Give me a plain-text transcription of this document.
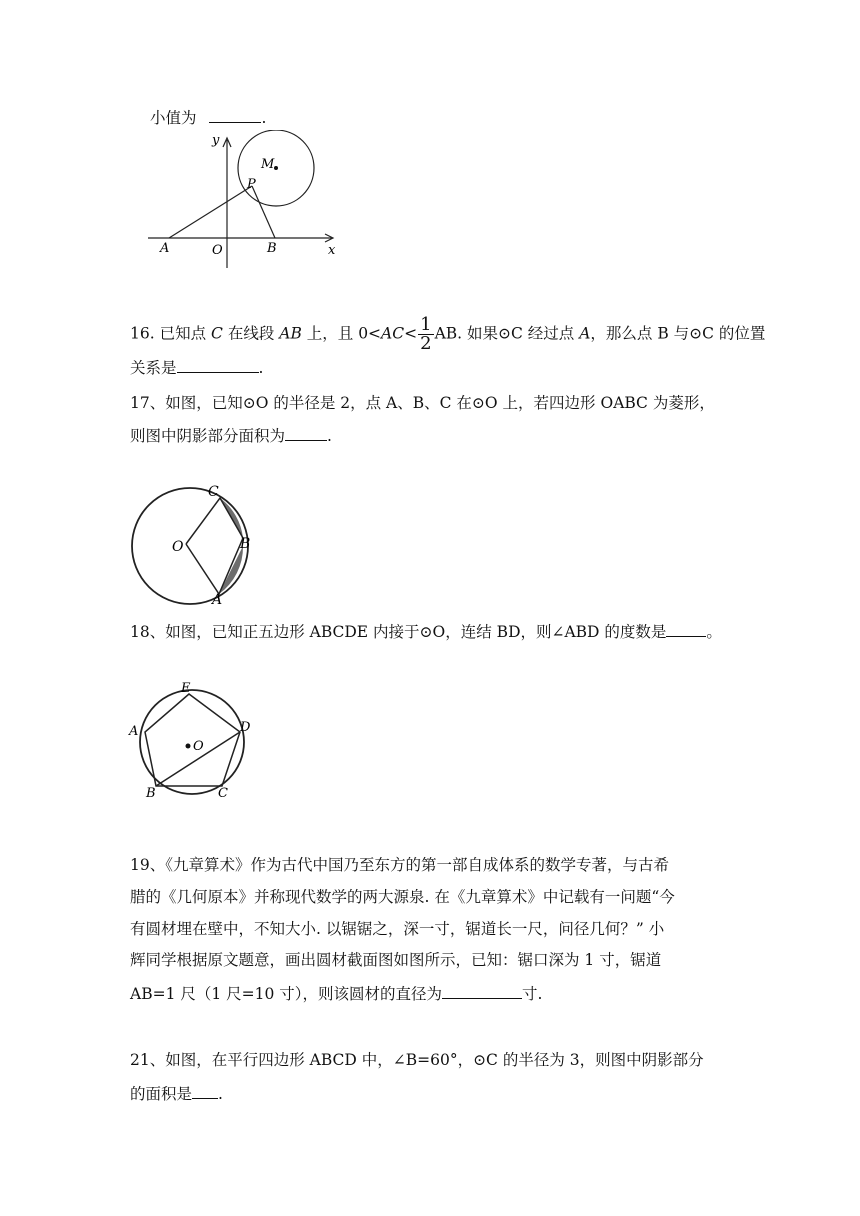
小值为	.
y
x
M
P
A	O	B
16. 已知点 C 在线段 AB 上，且 $0<AC< \frac{1}{2}$ AB. 如果⊙C 经过点 A，那么点 B 与⊙C 的位置
关系是	.
17、如图，已知⊙O 的半径是 2，点 A、B、C 在⊙O 上，若四边形 OABC 为菱形，
则图中阴影部分面积为	.
C
O	B
A
18、如图，已知正五边形 ABCDE 内接于⊙O，连结 BD，则∠ABD 的度数是	。
E
A	D
O
B	C
19、《九章算术》作为古代中国乃至东方的第一部自成体系的数学专著，与古希
腊的《几何原本》并称现代数学的两大源泉. 在《九章算术》中记载有一问题“今
有圆材埋在壁中，不知大小. 以锯锯之，深一寸，锯道长一尺，问径几何？” 小
辉同学根据原文题意，画出圆材截面图如图所示，已知：锯口深为 1 寸，锯道
AB=1 尺（1 尺=10 寸），则该圆材的直径为	寸.
21、如图，在平行四边形 ABCD 中，∠B=60°，⊙C 的半径为 3，则图中阴影部分
的面积是 .
